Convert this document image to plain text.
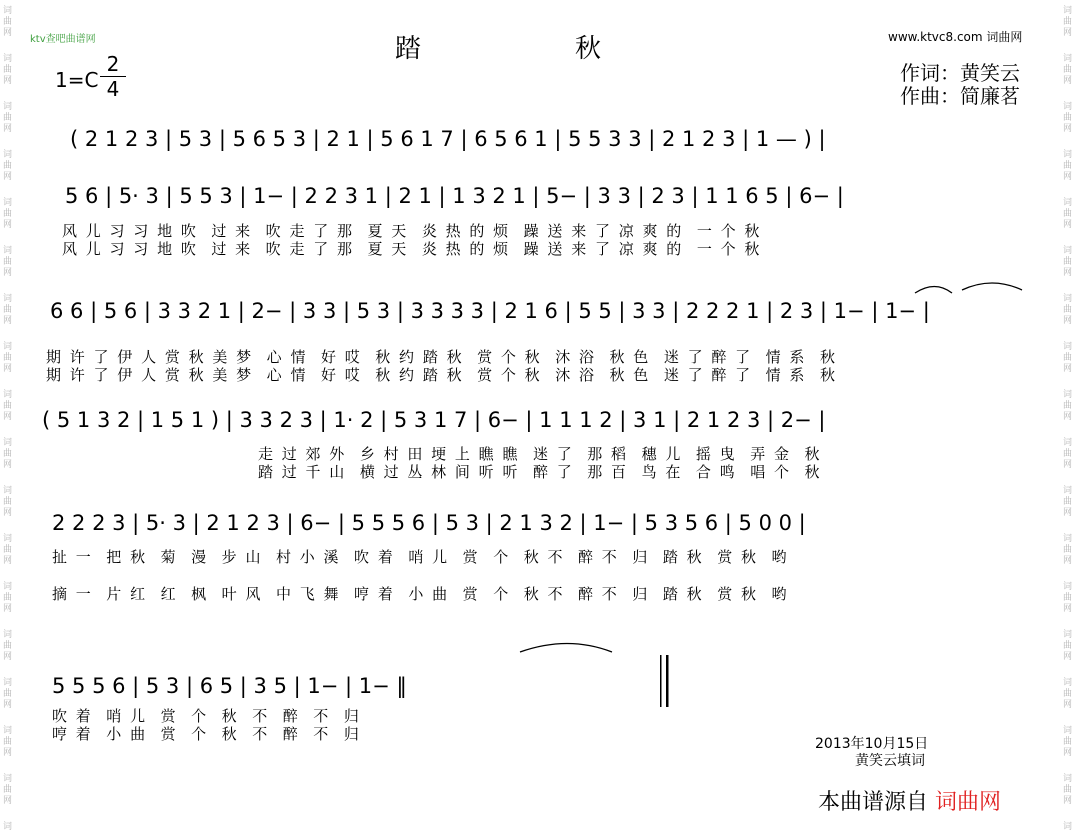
词
曲
网
词
曲
网
词
曲
网
词
曲
网
词
曲
网
词
曲
网
词
曲
网
词
曲
网
词
曲
网
词
曲
网
词
曲
网
词
曲
网
词
曲
网
词
曲
网
词
曲
网
词
曲
网
词
曲
网
词
词
曲
网
词
曲
网
词
曲
网
词
曲
网
词
曲
网
词
曲
网
词
曲
网
词
曲
网
词
曲
网
词
曲
网
词
曲
网
词
曲
网
词
曲
网
词
曲
网
词
曲
网
词
曲
网
词
曲
网
词
ktv查吧曲谱网	www.ktvc8.com 词曲网
踏	秋
作词：黄笑云
作曲：简廉茗
$1=C \frac{2}{4}$
( 2 1 2 3 | 5 3 | 5 6 5 3 | 2 1 | 5 6 1 7 | 6 5 6 1 | 5 5 3 3 | 2 1 2 3 | 1 — ) |
5 6 | 5· 3 | 5 5 3 | 1− | 2 2 3 1 | 2 1 | 1 3 2 1 | 5− | 3 3 | 2 3 | 1 1 6 5 | 6− |
风 儿 习 习 地 吹  过 来  吹 走 了 那  夏 天  炎 热 的 烦  躁 送 来 了 凉 爽 的  一 个 秋
风 儿 习 习 地 吹  过 来  吹 走 了 那  夏 天  炎 热 的 烦  躁 送 来 了 凉 爽 的  一 个 秋
6 6 | 5 6 | 3 3 2 1 | 2− | 3 3 | 5 3 | 3 3 3 3 | 2 1 6 | 5 5 | 3 3 | 2 2 2 1 | 2 3 | 1− | 1− |
期 许 了 伊 人 赏 秋 美 梦  心 情  好 哎  秋 约 踏 秋  赏 个 秋  沐 浴  秋 色  迷 了 醉 了  情 系  秋
期 许 了 伊 人 赏 秋 美 梦  心 情  好 哎  秋 约 踏 秋  赏 个 秋  沐 浴  秋 色  迷 了 醉 了  情 系  秋
( 5 1 3 2 | 1 5 1 ) | 3 3 2 3 | 1· 2 | 5 3 1 7 | 6− | 1 1 1 2 | 3 1 | 2 1 2 3 | 2− |
走 过 郊 外  乡 村 田 埂 上 瞧 瞧  迷 了  那 稻  穗 儿  摇 曳  弄 金  秋
踏 过 千 山  横 过 丛 林 间 听 听  醉 了  那 百  鸟 在  合 鸣  唱 个  秋
2 2 2 3 | 5· 3 | 2 1 2 3 | 6− | 5 5 5 6 | 5 3 | 2 1 3 2 | 1− | 5 3 5 6 | 5 0 0 |
扯 一  把 秋  菊  漫  步 山  村 小 溪  吹 着  哨 儿  赏  个  秋 不  醉 不  归  踏 秋  赏 秋  哟
摘 一  片 红  红  枫  叶 风  中 飞 舞  哼 着  小 曲  赏  个  秋 不  醉 不  归  踏 秋  赏 秋  哟
5 5 5 6 | 5 3 | 6 5 | 3 5 | 1− | 1− ‖
吹 着  哨 儿  赏  个  秋  不  醉  不  归
哼 着  小 曲  赏  个  秋  不  醉  不  归
2013年10月15日
黄笑云填词
本曲谱源自 词曲网
